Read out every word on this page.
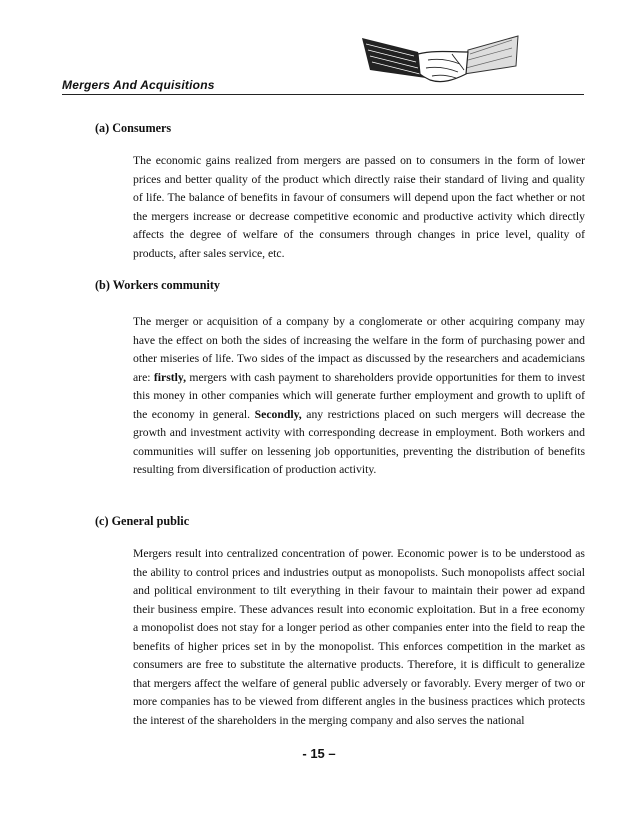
Mergers And Acquisitions
(a) Consumers

The economic gains realized from mergers are passed on to consumers in the form of lower prices and better quality of the product which directly raise their standard of living and quality of life. The balance of benefits in favour of consumers will depend upon the fact whether or not the mergers increase or decrease competitive economic and productive activity which directly affects the degree of welfare of the consumers through changes in price level, quality of products, after sales service, etc.

(b) Workers community

The merger or acquisition of a company by a conglomerate or other acquiring company may have the effect on both the sides of increasing the welfare in the form of purchasing power and other miseries of life. Two sides of the impact as discussed by the researchers and academicians are: firstly, mergers with cash payment to shareholders provide opportunities for them to invest this money in other companies which will generate further employment and growth to uplift of the economy in general. Secondly, any restrictions placed on such mergers will decrease the growth and investment activity with corresponding decrease in employment. Both workers and communities will suffer on lessening job opportunities, preventing the distribution of benefits resulting from diversification of production activity.

(c) General public

Mergers result into centralized concentration of power. Economic power is to be understood as the ability to control prices and industries output as monopolists. Such monopolists affect social and political environment to tilt everything in their favour to maintain their power ad expand their business empire. These advances result into economic exploitation. But in a free economy a monopolist does not stay for a longer period as other companies enter into the field to reap the benefits of higher prices set in by the monopolist. This enforces competition in the market as consumers are free to substitute the alternative products. Therefore, it is difficult to generalize that mergers affect the welfare of general public adversely or favorably. Every merger of two or more companies has to be viewed from different angles in the business practices which protects the interest of the shareholders in the merging company and also serves the national

- 15 –
